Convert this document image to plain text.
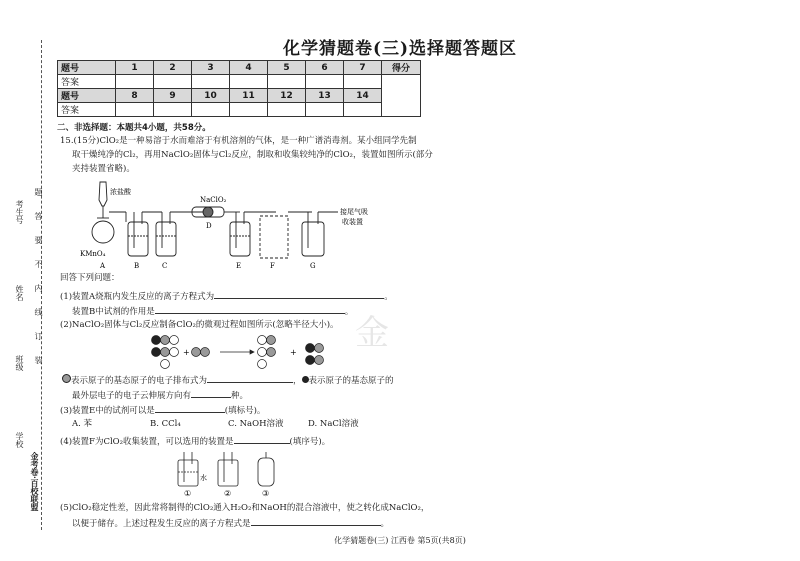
化学猜题卷(三)选择题答题区
题号	1	2	3	4	5	6	7	得分
答案								
题号	8	9	10	11	12	13	14	
答案								
二、非选择题：本题共4小题，共58分。
15.(15分)ClO₂是一种易溶于水而难溶于有机溶剂的气体，是一种广谱消毒剂。某小组同学先制
取干燥纯净的Cl₂，再用NaClO₂固体与Cl₂反应，制取和收集较纯净的ClO₂，装置如图所示(部分
夹持装置省略)。
浓盐酸
KMnO₄
NaClO₂
接尾气吸
收装置
A	B	C
D
E	F	G
回答下列问题：
(1)装置A烧瓶内发生反应的离子方程式为	。
装置B中试剂的作用是	。
(2)NaClO₂固体与Cl₂反应制备ClO₂的微观过程如图所示(忽略半径大小)。
+	+
表示原子的基态原子的电子排布式为	， 表示原子的基态原子的
最外层电子的电子云伸展方向有	种。
(3)装置E中的试剂可以是	(填标号)。
A. 苯	B. CCl₄	C. NaOH溶液	D. NaCl溶液
(4)装置F为ClO₂收集装置，可以选用的装置是	(填序号)。
水
①	②	③
(5)ClO₂稳定性差，因此常将制得的ClO₂通入H₂O₂和NaOH的混合溶液中，使之转化成NaClO₂，
以便于储存。上述过程发生反应的离子方程式是	。
金
考生号
姓名
班级
学校
金考卷·百校联盟
题
答
要
不
内
线
订
装
化学猜题卷(三) 江西卷 第5页(共8页)
